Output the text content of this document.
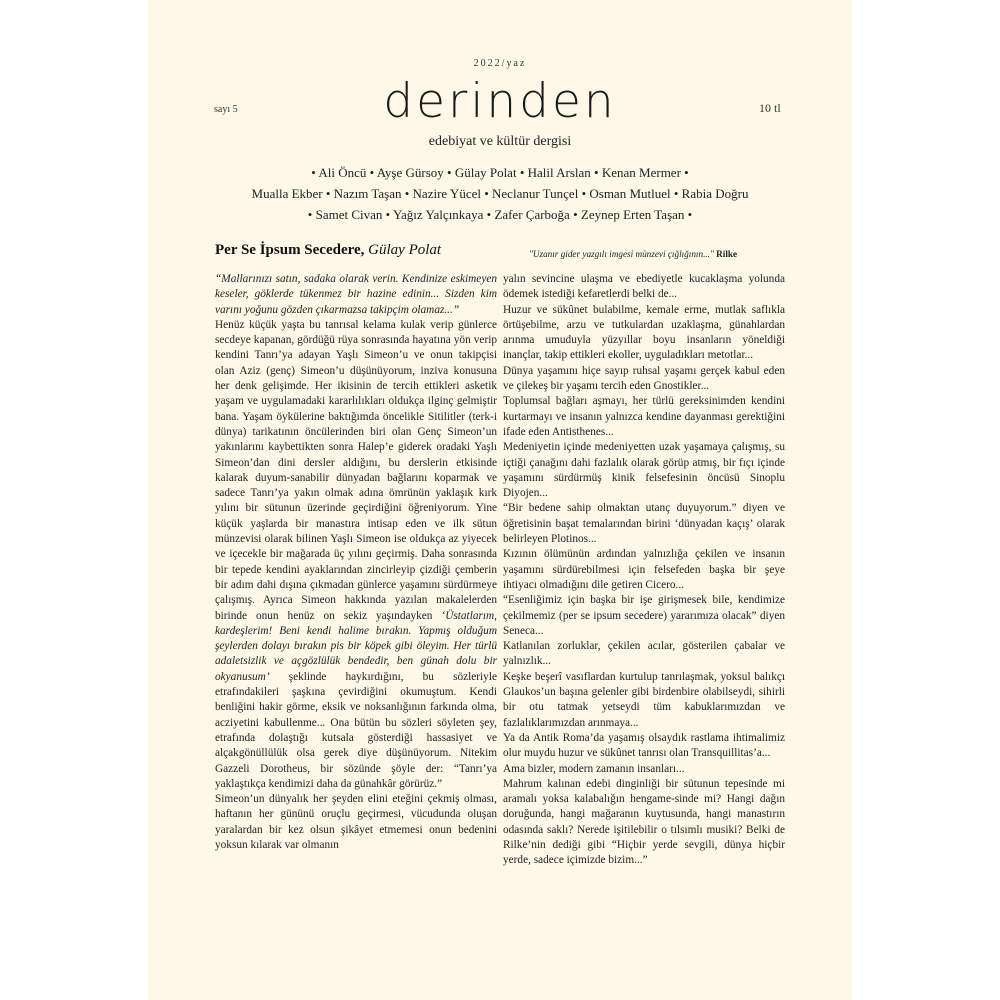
2022/yaz
sayı 5	10 tl
derinden
edebiyat ve kültür dergisi
• Ali Öncü • Ayşe Gürsoy • Gülay Polat • Halil Arslan • Kenan Mermer •
Mualla Ekber • Nazım Taşan • Nazire Yücel • Neclanur Tunçel • Osman Mutluel • Rabia Doğru
• Samet Civan • Yağız Yalçınkaya • Zafer Çarboğa • Zeynep Erten Taşan •
Per Se İpsum Secedere, Gülay Polat	"Uzanır gider yazgılı imgesi münzevi çığlığının..." Rilke

“Mallarınızı satın, sadaka olarak verin. Kendinize eskimeyen keseler, göklerde tükenmez bir hazine edinin... Sizden kim varını yoğunu gözden çıkarmazsa takipçim olamaz...”

Henüz küçük yaşta bu tanrısal kelama kulak verip günlerce secdeye kapanan, gördüğü rüya sonrasında hayatına yön verip kendini Tanrı’ya adayan Yaşlı Simeon’u ve onun takipçisi olan Aziz (genç) Simeon’u düşünüyorum, inziva konusuna her denk gelişimde. Her ikisinin de tercih ettikleri asketik yaşam ve uygulamadaki kararlılıkları oldukça ilginç gelmiştir bana. Yaşam öykülerine baktığımda öncelikle Sitilitler (terk-i dünya) tarikatının öncülerinden biri olan Genç Simeon’un yakınlarını kaybettikten sonra Halep’e giderek oradaki Yaşlı Simeon’dan dini dersler aldığını, bu derslerin etkisinde kalarak duyum-sanabilir dünyadan bağlarını koparmak ve sadece Tanrı’ya yakın olmak adına ömrünün yaklaşık kırk yılını bir sütunun üzerinde geçirdiğini öğreniyorum. Yine küçük yaşlarda bir manastıra intisap eden ve ilk sütun münzevisi olarak bilinen Yaşlı Simeon ise oldukça az yiyecek ve içecekle bir mağarada üç yılını geçirmiş. Daha sonrasında bir tepede kendini ayaklarından zincirleyip çizdiği çemberin bir adım dahi dışına çıkmadan günlerce yaşamını sürdürmeye çalışmış. Ayrıca Simeon hakkında yazılan makalelerden birinde onun henüz on sekiz yaşındayken ‘Üstatlarım, kardeşlerim! Beni kendi halime bırakın. Yapmış olduğum şeylerden dolayı bırakın pis bir köpek gibi öleyim. Her türlü adaletsizlik ve açgözlülük bendedir, ben günah dolu bir okyanusum’ şeklinde haykırdığını, bu sözleriyle etrafındakileri şaşkına çevirdiğini okumuştum. Kendi benliğini hakir görme, eksik ve noksanlığının farkında olma, acziyetini kabullenme... Ona bütün bu sözleri söyleten şey, etrafında dolaştığı kutsala gösterdiği hassasiyet ve alçakgönüllülük olsa gerek diye düşünüyorum. Nitekim Gazzeli Dorotheus, bir sözünde şöyle der: “Tanrı’ya yaklaştıkça kendimizi daha da günahkâr görürüz.”

Simeon’un dünyalık her şeyden elini eteğini çekmiş olması, haftanın her gününü oruçlu geçirmesi, vücudunda oluşan yaralardan bir kez olsun şikâyet etmemesi onun bedenini yoksun kılarak var olmanın

yalın sevincine ulaşma ve ebediyetle kucaklaşma yolunda ödemek istediği kefaretlerdi belki de...

Huzur ve sükûnet bulabilme, kemale erme, mutlak saflıkla örtüşebilme, arzu ve tutkulardan uzaklaşma, günahlardan arınma umuduyla yüzyıllar boyu insanların yöneldiği inançlar, takip ettikleri ekoller, uyguladıkları metotlar...

Dünya yaşamını hiçe sayıp ruhsal yaşamı gerçek kabul eden ve çilekeş bir yaşamı tercih eden Gnostikler...

Toplumsal bağları aşmayı, her türlü gereksinimden kendini kurtarmayı ve insanın yalnızca kendine dayanması gerektiğini ifade eden Antisthenes...

Medeniyetin içinde medeniyetten uzak yaşamaya çalışmış, su içtiği çanağını dahi fazlalık olarak görüp atmış, bir fıçı içinde yaşamını sürdürmüş kinik felsefesinin öncüsü Sinoplu Diyojen...

“Bir bedene sahip olmaktan utanç duyuyorum.” diyen ve öğretisinin başat temalarından birini ‘dünyadan kaçış’ olarak belirleyen Plotinos...

Kızının ölümünün ardından yalnızlığa çekilen ve insanın yaşamını sürdürebilmesi için felsefeden başka bir şeye ihtiyacı olmadığını dile getiren Cicero...

“Esenliğimiz için başka bir işe girişmesek bile, kendimize çekilmemiz (per se ipsum secedere) yararımıza olacak” diyen Seneca...

Katlanılan zorluklar, çekilen acılar, gösterilen çabalar ve yalnızlık...

Keşke beşerî vasıflardan kurtulup tanrılaşmak, yoksul balıkçı Glaukos’un başına gelenler gibi birdenbire olabilseydi, sihirli bir otu tatmak yetseydi tüm kabuklarımızdan ve fazlalıklarımızdan arınmaya...

Ya da Antik Roma’da yaşamış olsaydık rastlama ihtimalimiz olur muydu huzur ve sükûnet tanrısı olan Transquillitas’a...

Ama bizler, modern zamanın insanları...

Mahrum kalınan edebi dinginliği bir sütunun tepesinde mi aramalı yoksa kalabalığın hengame-sinde mi? Hangi dağın doruğunda, hangi mağaranın kuytusunda, hangi manastırın odasında saklı? Nerede işitilebilir o tılsımlı musiki? Belki de Rilke’nin dediği gibi “Hiçbir yerde sevgili, dünya hiçbir yerde, sadece içimizde bizim...”
